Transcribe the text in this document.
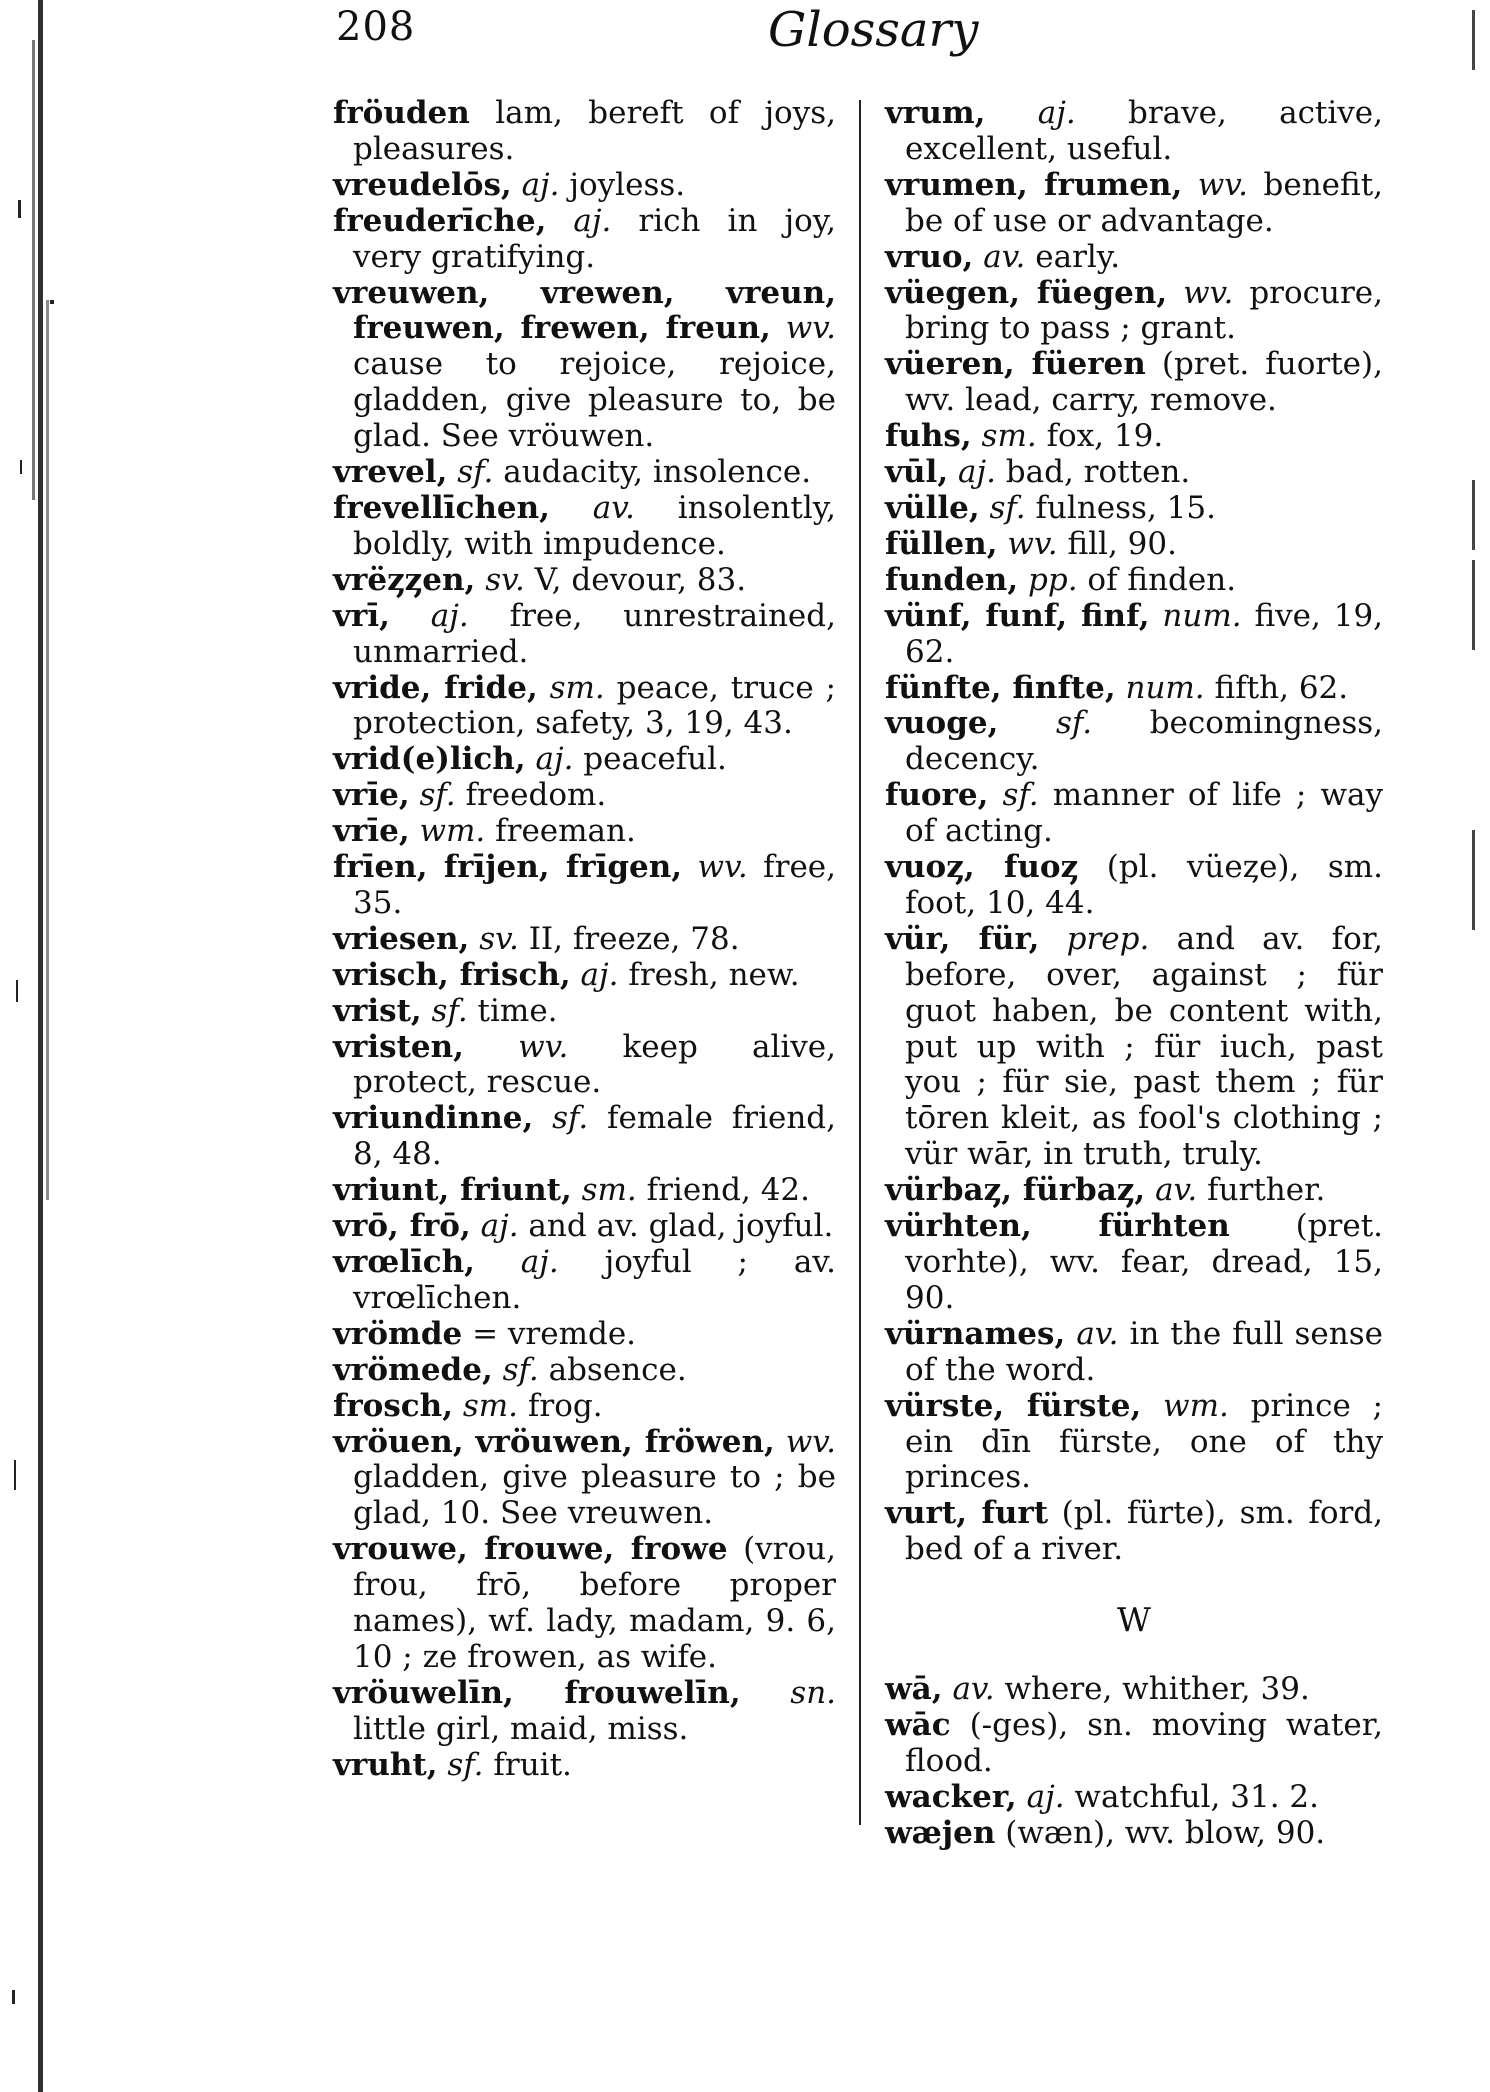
208	Glossary

fröuden lam, bereft of joys, pleasures.

vreudelōs, aj. joyless.

freuderīche, aj. rich in joy, very gratifying.

vreuwen, vrewen, vreun, freuwen, frewen, freun, wv. cause to rejoice, rejoice, gladden, give pleasure to, be glad. See vröuwen.

vrevel, sf. audacity, insolence.

frevellīchen, av. insolently, boldly, with impudence.

vrëȥȥen, sv. V, devour, 83.

vrī, aj. free, unrestrained, unmarried.

vride, fride, sm. peace, truce ; protection, safety, 3, 19, 43.

vrid(e)lich, aj. peaceful.

vrīe, sf. freedom.

vrīe, wm. freeman.

frīen, frījen, frīgen, wv. free, 35.

vriesen, sv. II, freeze, 78.

vrisch, frisch, aj. fresh, new.

vrist, sf. time.

vristen, wv. keep alive, protect, rescue.

vriundinne, sf. female friend, 8, 48.

vriunt, friunt, sm. friend, 42.

vrō, frō, aj. and av. glad, joyful.

vrœlīch, aj. joyful ; av. vrœlīchen.

vrömde = vremde.

vrömede, sf. absence.

frosch, sm. frog.

vröuen, vröuwen, fröwen, wv. gladden, give pleasure to ; be glad, 10. See vreuwen.

vrouwe, frouwe, frowe (vrou, frou, frō, before proper names), wf. lady, madam, 9. 6, 10 ; ze frowen, as wife.

vröuwelīn, frouwelīn, sn. little girl, maid, miss.

vruht, sf. fruit.

vrum, aj. brave, active, excellent, useful.

vrumen, frumen, wv. benefit, be of use or advantage.

vruo, av. early.

vüegen, füegen, wv. procure, bring to pass ; grant.

vüeren, füeren (pret. fuorte), wv. lead, carry, remove.

fuhs, sm. fox, 19.

vūl, aj. bad, rotten.

vülle, sf. fulness, 15.

füllen, wv. fill, 90.

funden, pp. of finden.

vünf, funf, finf, num. five, 19, 62.

fünfte, finfte, num. fifth, 62.

vuoge, sf. becomingness, decency.

fuore, sf. manner of life ; way of acting.

vuoȥ, fuoȥ (pl. vüeȥe), sm. foot, 10, 44.

vür, für, prep. and av. for, before, over, against ; für guot haben, be content with, put up with ; für iuch, past you ; für sie, past them ; für tōren kleit, as fool's clothing ; vür wār, in truth, truly.

vürbaȥ, fürbaȥ, av. further.

vürhten, fürhten (pret. vorhte), wv. fear, dread, 15, 90.

vürnames, av. in the full sense of the word.

vürste, fürste, wm. prince ; ein dīn fürste, one of thy princes.

vurt, furt (pl. fürte), sm. ford, bed of a river.

W

wā, av. where, whither, 39.

wāc (-ges), sn. moving water, flood.

wacker, aj. watchful, 31. 2.

wæjen (wæn), wv. blow, 90.
